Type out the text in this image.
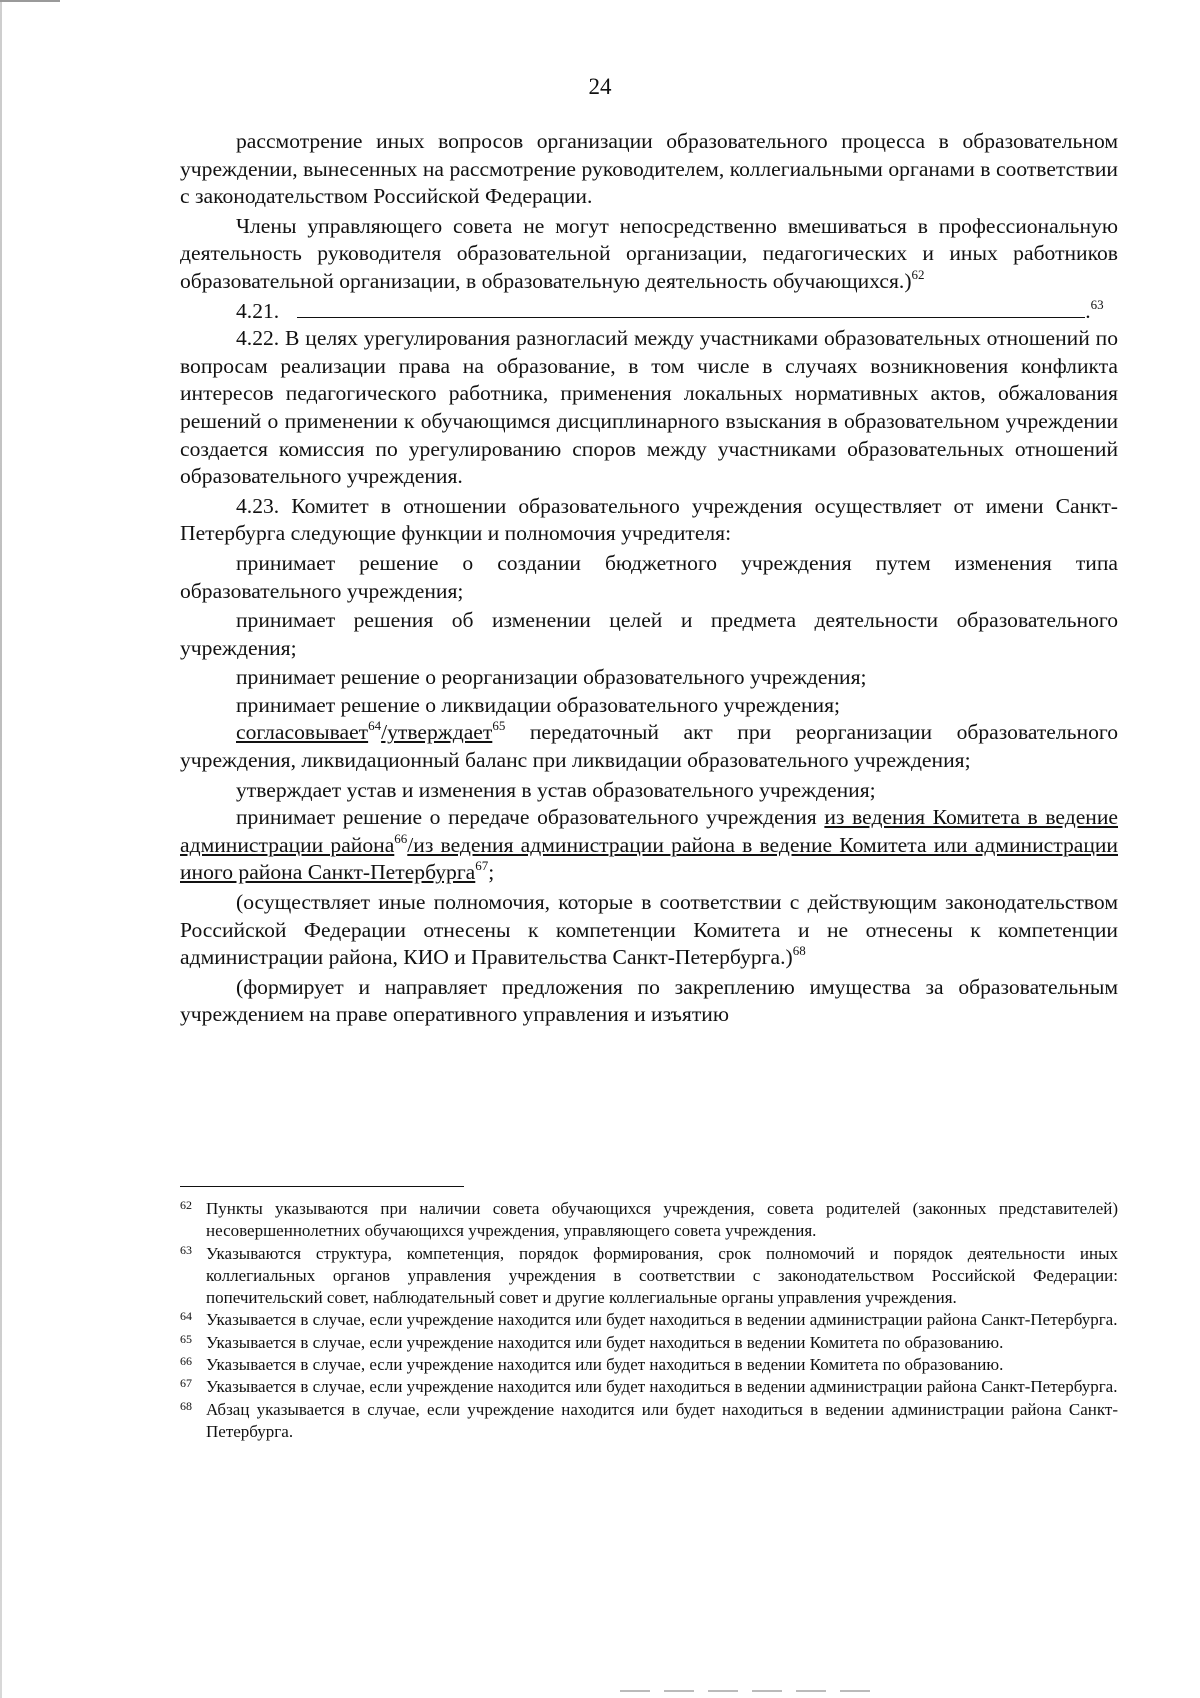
24

рассмотрение иных вопросов организации образовательного процесса в образовательном учреждении, вынесенных на рассмотрение руководителем, коллегиальными органами в соответствии с законодательством Российской Федерации.

Члены управляющего совета не могут непосредственно вмешиваться в профессиональную деятельность руководителя образовательной организации, педагогических и иных работников образовательной организации, в образовательную деятельность обучающихся.)$^{62}$

4.21.	.$^{63}$

4.22. В целях урегулирования разногласий между участниками образовательных отношений по вопросам реализации права на образование, в том числе в случаях возникновения конфликта интересов педагогического работника, применения локальных нормативных актов, обжалования решений о применении к обучающимся дисциплинарного взыскания в образовательном учреждении создается комиссия по урегулированию споров между участниками образовательных отношений образовательного учреждения.

4.23. Комитет в отношении образовательного учреждения осуществляет от имени Санкт-Петербурга следующие функции и полномочия учредителя:

принимает решение о создании бюджетного учреждения путем изменения типа образовательного учреждения;

принимает решения об изменении целей и предмета деятельности образовательного учреждения;

принимает решение о реорганизации образовательного учреждения;

принимает решение о ликвидации образовательного учреждения;

согласовывает$^{64}$/утверждает$^{65}$ передаточный акт при реорганизации образовательного учреждения, ликвидационный баланс при ликвидации образовательного учреждения;

утверждает устав и изменения в устав образовательного учреждения;

принимает решение о передаче образовательного учреждения из ведения Комитета в ведение администрации района$^{66}$/из ведения администрации района в ведение Комитета или администрации иного района Санкт-Петербурга$^{67}$;

(осуществляет иные полномочия, которые в соответствии с действующим законодательством Российской Федерации отнесены к компетенции Комитета и не отнесены к компетенции администрации района, КИО и Правительства Санкт-Петербурга.)$^{68}$

(формирует и направляет предложения по закреплению имущества за образовательным учреждением на праве оперативного управления и изъятию

62 Пункты указываются при наличии совета обучающихся учреждения, совета родителей (законных представителей) несовершеннолетних обучающихся учреждения, управляющего совета учреждения.
63 Указываются структура, компетенция, порядок формирования, срок полномочий и порядок деятельности иных коллегиальных органов управления учреждения в соответствии с законодательством Российской Федерации: попечительский совет, наблюдательный совет и другие коллегиальные органы управления учреждения.
64 Указывается в случае, если учреждение находится или будет находиться в ведении администрации района Санкт-Петербурга.
65 Указывается в случае, если учреждение находится или будет находиться в ведении Комитета по образованию.
66 Указывается в случае, если учреждение находится или будет находиться в ведении Комитета по образованию.
67 Указывается в случае, если учреждение находится или будет находиться в ведении администрации района Санкт-Петербурга.
68 Абзац указывается в случае, если учреждение находится или будет находиться в ведении администрации района Санкт-Петербурга.
